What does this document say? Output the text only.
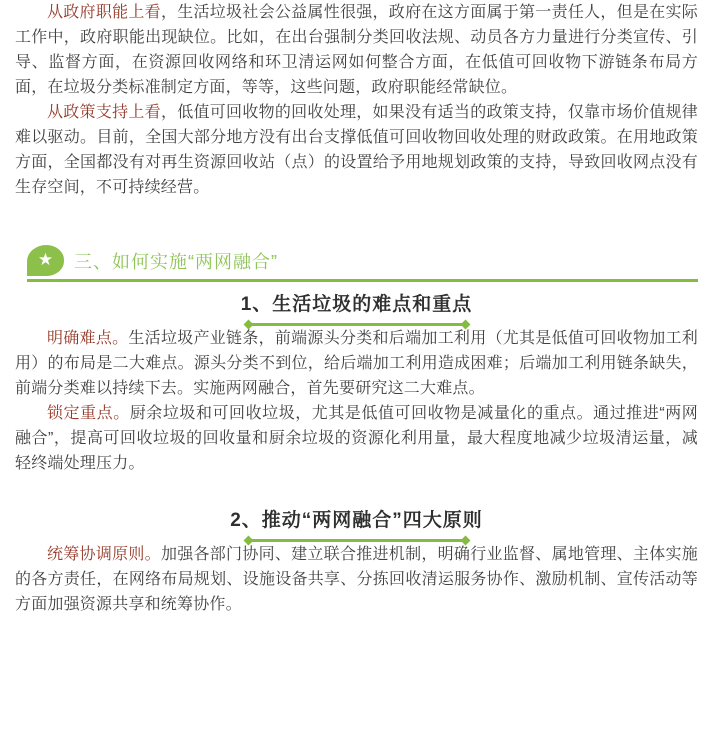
从政府职能上看，生活垃圾社会公益属性很强，政府在这方面属于第一责任人，但是在实际工作中，政府职能出现缺位。比如，在出台强制分类回收法规、动员各方力量进行分类宣传、引导、监督方面，在资源回收网络和环卫清运网如何整合方面，在低值可回收物下游链条布局方面，在垃圾分类标准制定方面，等等，这些问题，政府职能经常缺位。

从政策支持上看，低值可回收物的回收处理，如果没有适当的政策支持，仅靠市场价值规律难以驱动。目前，全国大部分地方没有出台支撑低值可回收物回收处理的财政政策。在用地政策方面，全国都没有对再生资源回收站（点）的设置给予用地规划政策的支持，导致回收网点没有生存空间，不可持续经营。

★ 三、如何实施“两网融合”
1、生活垃圾的难点和重点

明确难点。生活垃圾产业链条，前端源头分类和后端加工利用（尤其是低值可回收物加工利用）的布局是二大难点。源头分类不到位，给后端加工利用造成困难；后端加工利用链条缺失，前端分类难以持续下去。实施两网融合，首先要研究这二大难点。

锁定重点。厨余垃圾和可回收垃圾，尤其是低值可回收物是减量化的重点。通过推进“两网融合”，提高可回收垃圾的回收量和厨余垃圾的资源化利用量，最大程度地减少垃圾清运量，减轻终端处理压力。

2、推动“两网融合”四大原则

统筹协调原则。加强各部门协同、建立联合推进机制，明确行业监督、属地管理、主体实施的各方责任，在网络布局规划、设施设备共享、分拣回收清运服务协作、激励机制、宣传活动等方面加强资源共享和统筹协作。
